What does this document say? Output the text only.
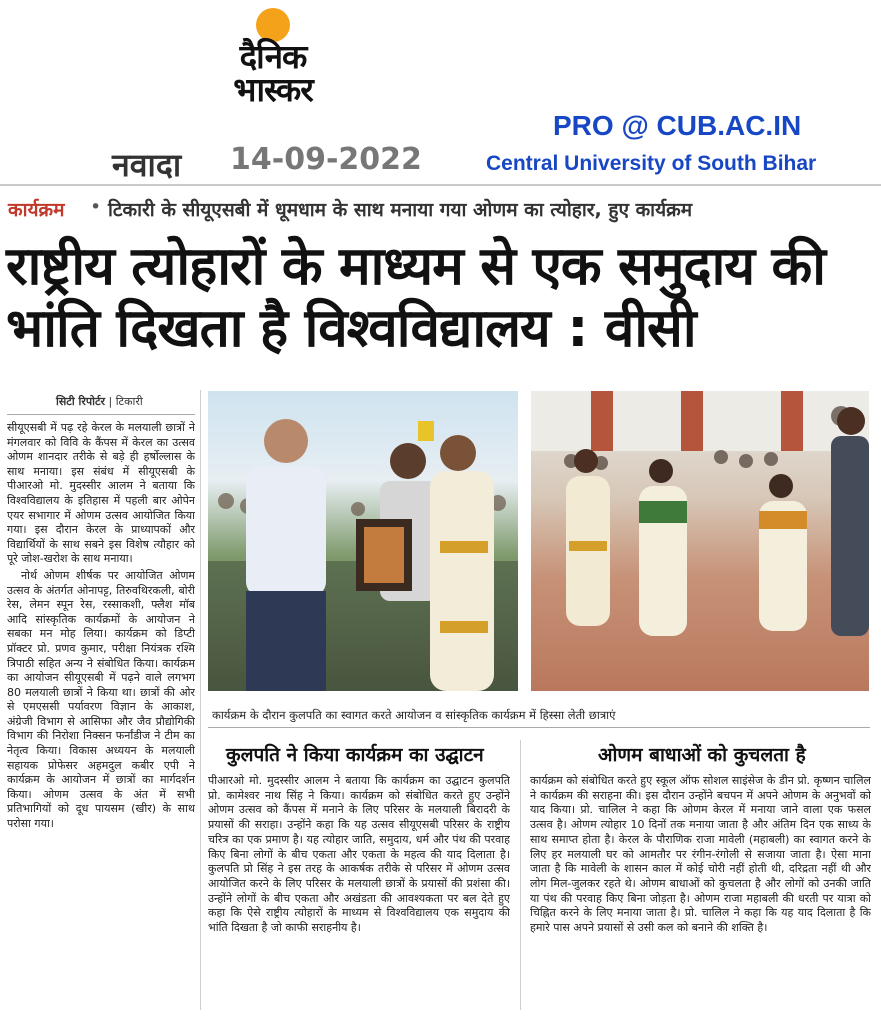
दैनिक भास्कर
नवादा 14-09-2022
PRO @ CUB.AC.IN
Central University of South Bihar
कार्यक्रम • टिकारी के सीयूएसबी में धूमधाम के साथ मनाया गया ओणम का त्योहार, हुए कार्यक्रम
राष्ट्रीय त्योहारों के माध्यम से एक समुदाय की भांति दिखता है विश्वविद्यालय : वीसी
सिटी रिपोर्टर | टिकारी

सीयूएसबी में पढ़ रहे केरल के मलयाली छात्रों ने मंगलवार को विवि के कैंपस में केरल का उत्सव ओणम शानदार तरीके से बड़े ही हर्षोल्लास के साथ मनाया। इस संबंध में सीयूएसबी के पीआरओ मो. मुदस्सीर आलम ने बताया कि विश्वविद्यालय के इतिहास में पहली बार ओपेन एयर सभागार में ओणम उत्सव आयोजित किया गया। इस दौरान केरल के प्राध्यापकों और विद्यार्थियों के साथ सबने इस विशेष त्यौहार को पूरे जोश-खरोश के साथ मनाया।

नोर्थ ओणम शीर्षक पर आयोजित ओणम उत्सव के अंतर्गत ओनापट्ट, तिरुवथिरकली, बोरी रेस, लेमन स्पून रेस, रस्साकशी, फ्लैश मॉब आदि सांस्कृतिक कार्यक्रमों के आयोजन ने सबका मन मोह लिया। कार्यक्रम को डिप्टी प्रॉक्टर प्रो. प्रणव कुमार, परीक्षा नियंत्रक रश्मि त्रिपाठी सहित अन्य ने संबोधित किया। कार्यक्रम का आयोजन सीयूएसबी में पढ़ने वाले लगभग 80 मलयाली छात्रों ने किया था। छात्रों की ओर से एमएससी पर्यावरण विज्ञान के आकाश, अंग्रेजी विभाग से आसिफा और जैव प्रौद्योगिकी विभाग की निरोशा निक्सन फर्नांडीज ने टीम का नेतृत्व किया। विकास अध्ययन के मलयाली सहायक प्रोफेसर अहमदुल कबीर एपी ने कार्यक्रम के आयोजन में छात्रों का मार्गदर्शन किया। ओणम उत्सव के अंत में सभी प्रतिभागियों को दूध पायसम (खीर) के साथ परोसा गया।

कार्यक्रम के दौरान कुलपति का स्वागत करते आयोजन व सांस्कृतिक कार्यक्रम में हिस्सा लेती छात्राएं
कुलपति ने किया कार्यक्रम का उद्घाटन	ओणम बाधाओं को कुचलता है

पीआरओ मो. मुदस्सीर आलम ने बताया कि कार्यक्रम का उद्घाटन कुलपति प्रो. कामेश्वर नाथ सिंह ने किया। कार्यक्रम को संबोधित करते हुए उन्होंने ओणम उत्सव को कैंपस में मनाने के लिए परिसर के मलयाली बिरादरी के प्रयासों की सराहा। उन्होंने कहा कि यह उत्सव सीयूएसबी परिसर के राष्ट्रीय चरित्र का एक प्रमाण है। यह त्योहार जाति, समुदाय, धर्म और पंथ की परवाह किए बिना लोगों के बीच एकता और एकता के महत्व की याद दिलाता है। कुलपति प्रो सिंह ने इस तरह के आकर्षक तरीके से परिसर में ओणम उत्सव आयोजित करने के लिए परिसर के मलयाली छात्रों के प्रयासों की प्रशंसा की। उन्होंने लोगों के बीच एकता और अखंडता की आवश्यकता पर बल देते हुए कहा कि ऐसे राष्ट्रीय त्योहारों के माध्यम से विश्वविद्यालय एक समुदाय की भांति दिखता है जो काफी सराहनीय है।

कार्यक्रम को संबोधित करते हुए स्कूल ऑफ सोशल साइंसेज के डीन प्रो. कृष्णन चालिल ने कार्यक्रम की सराहना की। इस दौरान उन्होंने बचपन में अपने ओणम के अनुभवों को याद किया। प्रो. चालिल ने कहा कि ओणम केरल में मनाया जाने वाला एक फसल उत्सव है। ओणम त्योहार 10 दिनों तक मनाया जाता है और अंतिम दिन एक साध्य के साथ समाप्त होता है। केरल के पौराणिक राजा मावेली (महाबली) का स्वागत करने के लिए हर मलयाली घर को आमतौर पर रंगीन-रंगोली से सजाया जाता है। ऐसा माना जाता है कि मावेली के शासन काल में कोई चोरी नहीं होती थी, दरिद्रता नहीं थी और लोग मिल-जुलकर रहते थे। ओणम बाधाओं को कुचलता है और लोगों को उनकी जाति या पंथ की परवाह किए बिना जोड़ता है। ओणम राजा महाबली की धरती पर यात्रा को चिह्नित करने के लिए मनाया जाता है। प्रो. चालिल ने कहा कि यह याद दिलाता है कि हमारे पास अपने प्रयासों से उसी कल को बनाने की शक्ति है।
